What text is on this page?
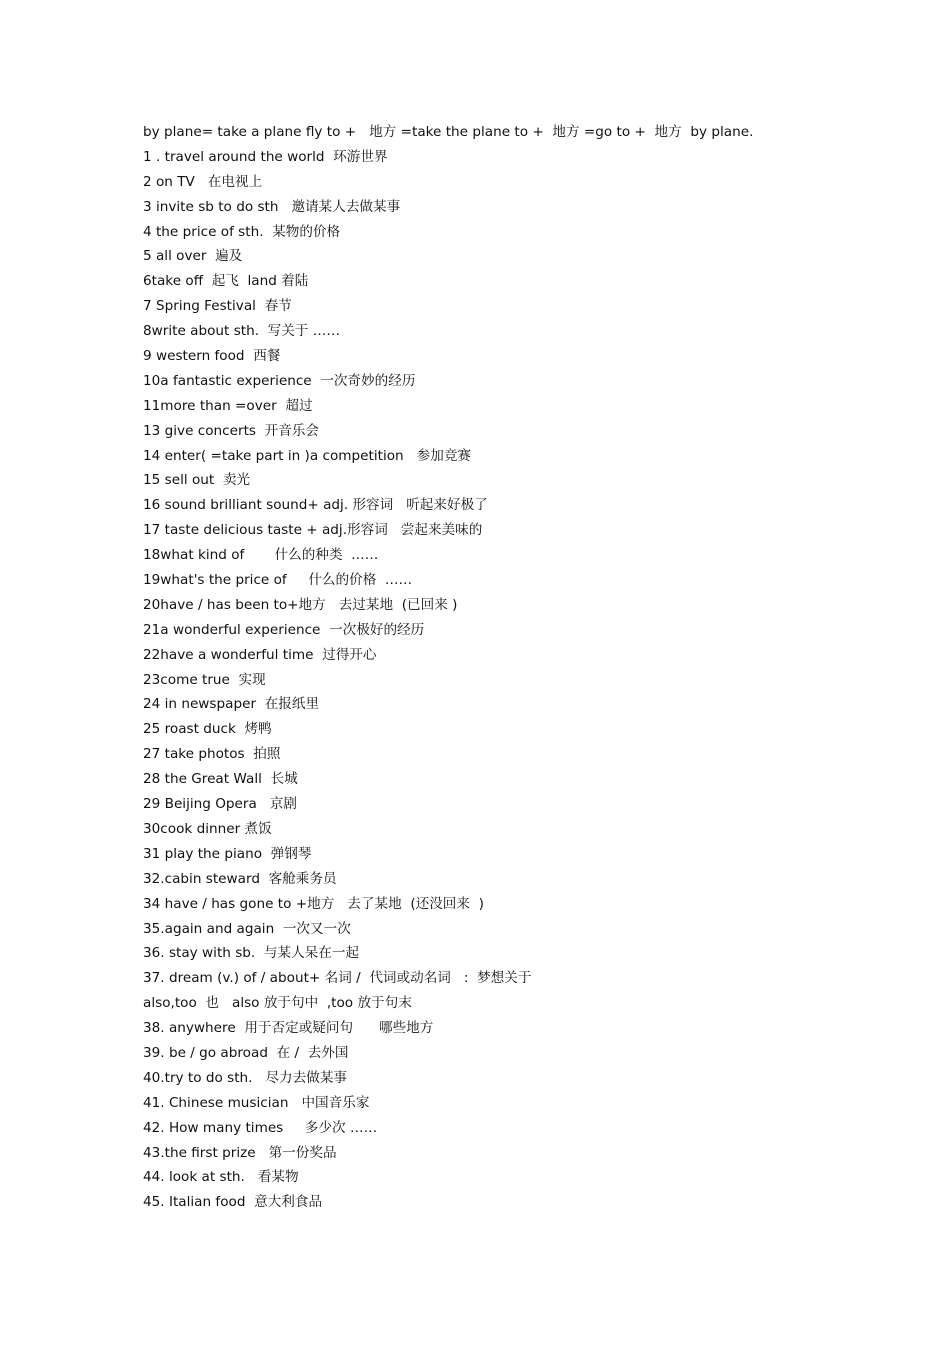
by plane= take a plane fly to +   地方 =take the plane to +  地方 =go to +  地方  by plane.
1 . travel around the world  环游世界
2 on TV   在电视上
3 invite sb to do sth   邀请某人去做某事
4 the price of sth.  某物的价格
5 all over  遍及
6take off  起飞  land 着陆
7 Spring Festival  春节
8write about sth.  写关于 ……
9 western food  西餐
10a fantastic experience  一次奇妙的经历
11more than =over  超过
13 give concerts  开音乐会
14 enter( =take part in )a competition   参加竞赛
15 sell out  卖光
16 sound brilliant sound+ adj. 形容词   听起来好极了
17 taste delicious taste + adj.形容词   尝起来美味的
18what kind of       什么的种类  ……
19what's the price of     什么的价格  ……
20have / has been to+地方   去过某地  (已回来 )
21a wonderful experience  一次极好的经历
22have a wonderful time  过得开心
23come true  实现
24 in newspaper  在报纸里
25 roast duck  烤鸭
27 take photos  拍照
28 the Great Wall  长城
29 Beijing Opera   京剧
30cook dinner 煮饭
31 play the piano  弹钢琴
32.cabin steward  客舱乘务员
34 have / has gone to +地方   去了某地  (还没回来  )
35.again and again  一次又一次
36. stay with sb.  与某人呆在一起
37. dream (v.) of / about+ 名词 /  代词或动名词   :  梦想关于
also,too  也   also 放于句中  ,too 放于句末
38. anywhere  用于否定或疑问句      哪些地方
39. be / go abroad  在 /  去外国
40.try to do sth.   尽力去做某事
41. Chinese musician   中国音乐家
42. How many times     多少次 ……
43.the first prize   第一份奖品
44. look at sth.   看某物
45. Italian food  意大利食品
